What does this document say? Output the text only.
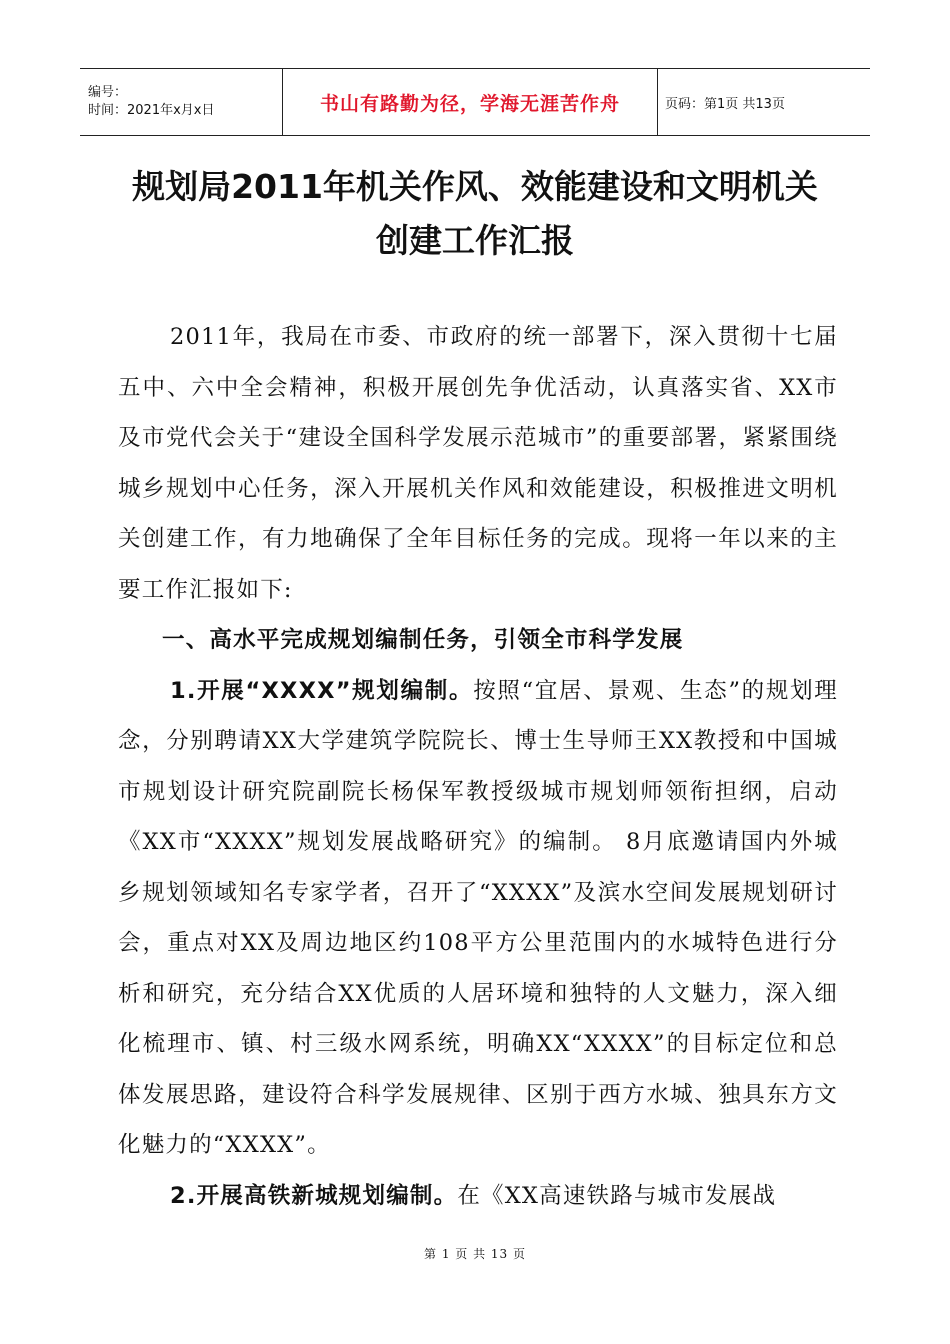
编号：
时间：2021年x月x日	书山有路勤为径，学海无涯苦作舟	页码：第1页 共13页
规划局2011年机关作风、效能建设和文明机关
创建工作汇报

2011年，我局在市委、市政府的统一部署下，深入贯彻十七届五中、六中全会精神，积极开展创先争优活动，认真落实省、XX市及市党代会关于“建设全国科学发展示范城市”的重要部署，紧紧围绕城乡规划中心任务，深入开展机关作风和效能建设，积极推进文明机关创建工作，有力地确保了全年目标任务的完成。现将一年以来的主要工作汇报如下:

一、高水平完成规划编制任务，引领全市科学发展

1.开展“XXXX”规划编制。按照“宜居、景观、生态”的规划理念，分别聘请XX大学建筑学院院长、博士生导师王XX教授和中国城市规划设计研究院副院长杨保军教授级城市规划师领衔担纲，启动《XX市“XXXX”规划发展战略研究》的编制。 8月底邀请国内外城乡规划领域知名专家学者，召开了“XXXX”及滨水空间发展规划研讨会，重点对XX及周边地区约108平方公里范围内的水城特色进行分析和研究，充分结合XX优质的人居环境和独特的人文魅力，深入细化梳理市、镇、村三级水网系统，明确XX“XXXX”的目标定位和总体发展思路，建设符合科学发展规律、区别于西方水城、独具东方文化魅力的“XXXX”。

2.开展高铁新城规划编制。在《XX高速铁路与城市发展战

第 1 页 共 13 页
